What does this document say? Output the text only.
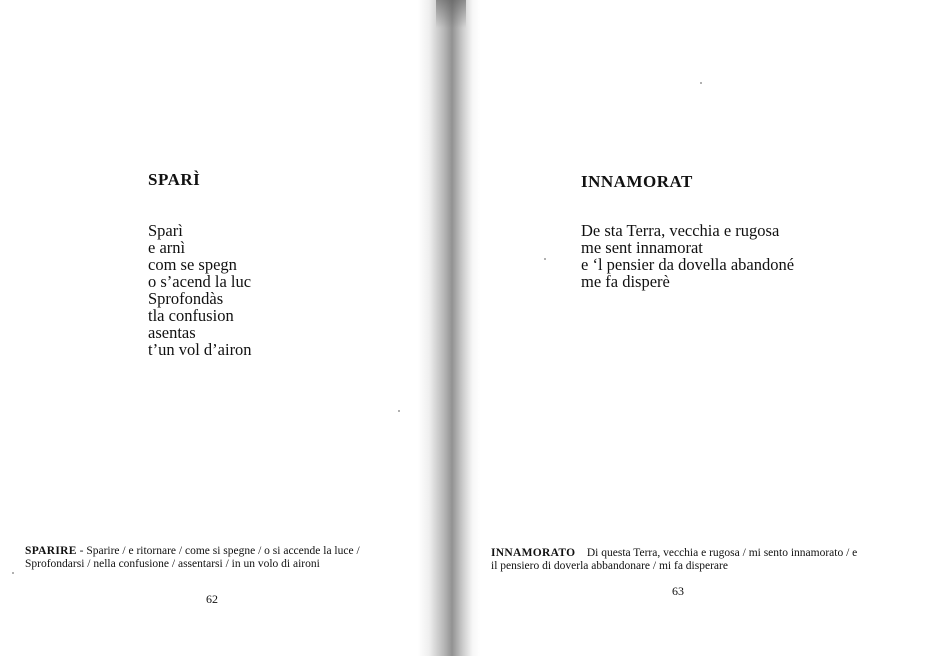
SPARÌ
Sparì
e arnì
com se spegn
o s’acend la luc
Sprofondàs
tla confusion
asentas
t’un vol d’airon

SPARIRE - Sparire / e ritornare / come si spegne / o si accende la luce /
Sprofondarsi / nella confusione / assentarsi / in un volo di aironi

62

INNAMORAT
De sta Terra, vecchia e rugosa
me sent innamorat
e ‘l pensier da dovella abandoné
me fa disperè

INNAMORATO    Di questa Terra, vecchia e rugosa / mi sento innamorato / e
il pensiero di doverla abbandonare / mi fa disperare

63
